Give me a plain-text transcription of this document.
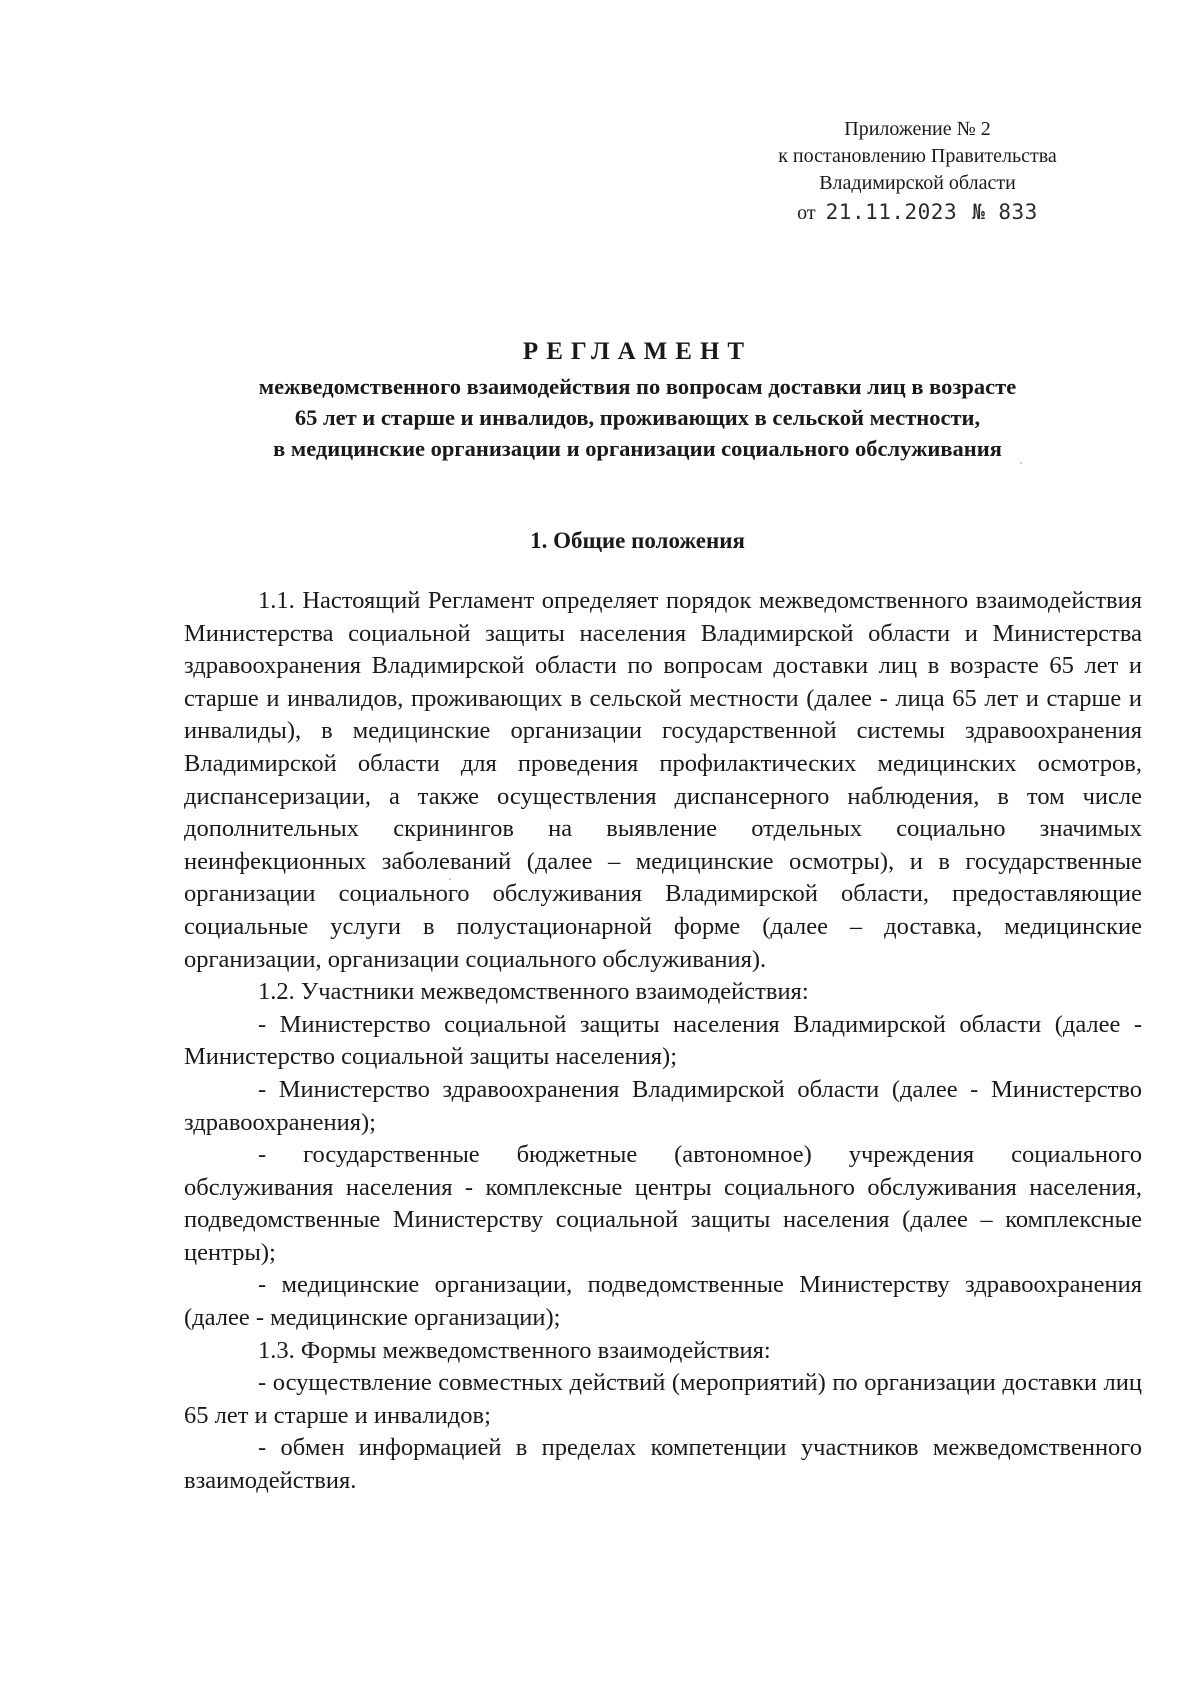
Приложение № 2
к постановлению Правительства
Владимирской области
от 21.11.2023 № 833
РЕГЛАМЕНТ
межведомственного взаимодействия по вопросам доставки лиц в возрасте
65 лет и старше и инвалидов, проживающих в сельской местности,
в медицинские организации и организации социального обслуживания
1. Общие положения

1.1. Настоящий Регламент определяет порядок межведомственного взаимодействия Министерства социальной защиты населения Владимирской области и Министерства здравоохранения Владимирской области по вопросам доставки лиц в возрасте 65 лет и старше и инвалидов, проживающих в сельской местности (далее - лица 65 лет и старше и инвалиды), в медицинские организации государственной системы здравоохранения Владимирской области для проведения профилактических медицинских осмотров, диспансеризации, а также осуществления диспансерного наблюдения, в том числе дополнительных скринингов на выявление отдельных социально значимых неинфекционных заболеваний (далее – медицинские осмотры), и в государственные организации социального обслуживания Владимирской области, предоставляющие социальные услуги в полустационарной форме (далее – доставка, медицинские организации, организации социального обслуживания).

1.2. Участники межведомственного взаимодействия:

- Министерство социальной защиты населения Владимирской области (далее - Министерство социальной защиты населения);

- Министерство здравоохранения Владимирской области (далее - Министерство здравоохранения);

- государственные бюджетные (автономное) учреждения социального обслуживания населения - комплексные центры социального обслуживания населения, подведомственные Министерству социальной защиты населения (далее – комплексные центры);

- медицинские организации, подведомственные Министерству здравоохранения (далее - медицинские организации);

1.3. Формы межведомственного взаимодействия:

- осуществление совместных действий (мероприятий) по организации доставки лиц 65 лет и старше и инвалидов;

- обмен информацией в пределах компетенции участников межведомственного взаимодействия.
